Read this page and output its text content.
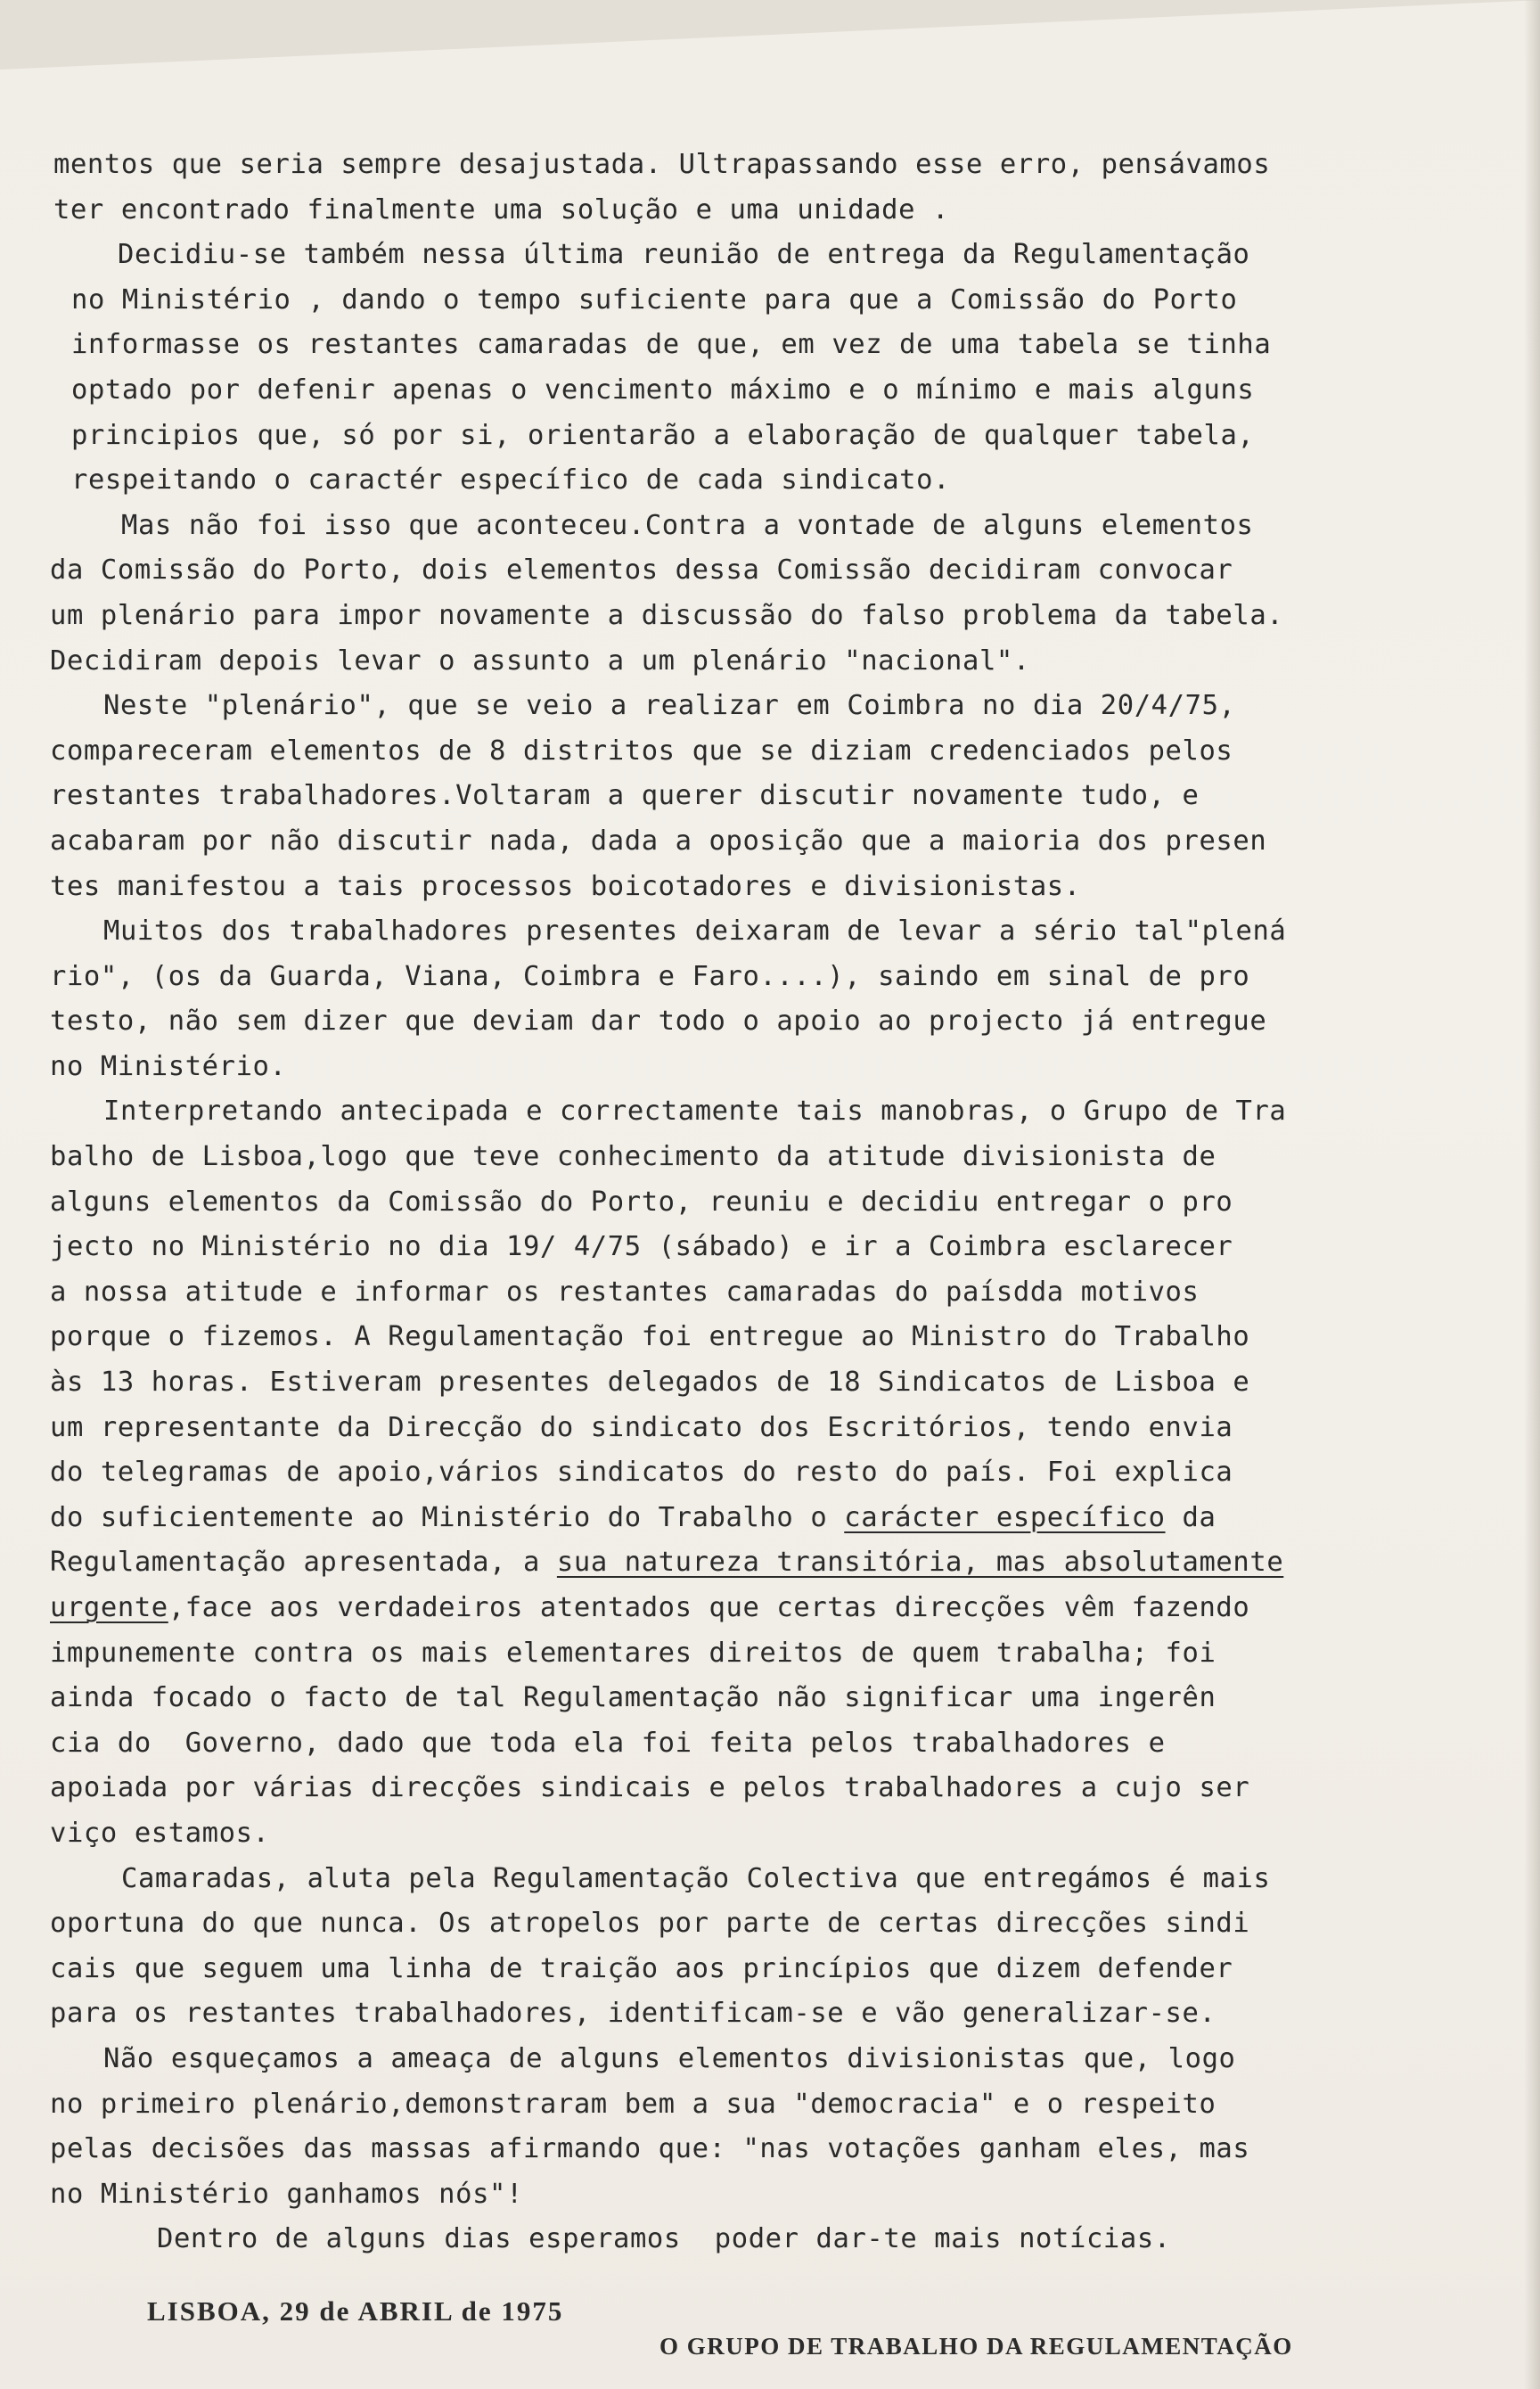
mentos que seria sempre desajustada. Ultrapassando esse erro, pensávamos
ter encontrado finalmente uma solução e uma unidade .
Decidiu-se também nessa última reunião de entrega da Regulamentação
no Ministério , dando o tempo suficiente para que a Comissão do Porto
informasse os restantes camaradas de que, em vez de uma tabela se tinha
optado por defenir apenas o vencimento máximo e o mínimo e mais alguns
principios que, só por si, orientarão a elaboração de qualquer tabela,
respeitando o caractér específico de cada sindicato.
Mas não foi isso que aconteceu.Contra a vontade de alguns elementos
da Comissão do Porto, dois elementos dessa Comissão decidiram convocar
um plenário para impor novamente a discussão do falso problema da tabela.
Decidiram depois levar o assunto a um plenário "nacional".
Neste "plenário", que se veio a realizar em Coimbra no dia 20/4/75,
compareceram elementos de 8 distritos que se diziam credenciados pelos
restantes trabalhadores.Voltaram a querer discutir novamente tudo, e
acabaram por não discutir nada, dada a oposição que a maioria dos presen
tes manifestou a tais processos boicotadores e divisionistas.
Muitos dos trabalhadores presentes deixaram de levar a sério tal"plená
rio", (os da Guarda, Viana, Coimbra e Faro....), saindo em sinal de pro
testo, não sem dizer que deviam dar todo o apoio ao projecto já entregue
no Ministério.
Interpretando antecipada e correctamente tais manobras, o Grupo de Tra
balho de Lisboa,logo que teve conhecimento da atitude divisionista de
alguns elementos da Comissão do Porto, reuniu e decidiu entregar o pro
jecto no Ministério no dia 19/ 4/75 (sábado) e ir a Coimbra esclarecer
a nossa atitude e informar os restantes camaradas do paísdda motivos
porque o fizemos. A Regulamentação foi entregue ao Ministro do Trabalho
às 13 horas. Estiveram presentes delegados de 18 Sindicatos de Lisboa e
um representante da Direcção do sindicato dos Escritórios, tendo envia
do telegramas de apoio,vários sindicatos do resto do país. Foi explica
do suficientemente ao Ministério do Trabalho o carácter específico da
Regulamentação apresentada, a sua natureza transitória, mas absolutamente
urgente,face aos verdadeiros atentados que certas direcções vêm fazendo
impunemente contra os mais elementares direitos de quem trabalha; foi
ainda focado o facto de tal Regulamentação não significar uma ingerên
cia do  Governo, dado que toda ela foi feita pelos trabalhadores e
apoiada por várias direcções sindicais e pelos trabalhadores a cujo ser
viço estamos.
Camaradas, aluta pela Regulamentação Colectiva que entregámos é mais
oportuna do que nunca. Os atropelos por parte de certas direcções sindi
cais que seguem uma linha de traição aos princípios que dizem defender
para os restantes trabalhadores, identificam-se e vão generalizar-se.
Não esqueçamos a ameaça de alguns elementos divisionistas que, logo
no primeiro plenário,demonstraram bem a sua "democracia" e o respeito
pelas decisões das massas afirmando que: "nas votações ganham eles, mas
no Ministério ganhamos nós"!
Dentro de alguns dias esperamos  poder dar-te mais notícias.
LISBOA, 29 de ABRIL de 1975
O GRUPO DE TRABALHO DA REGULAMENTAÇÃO
